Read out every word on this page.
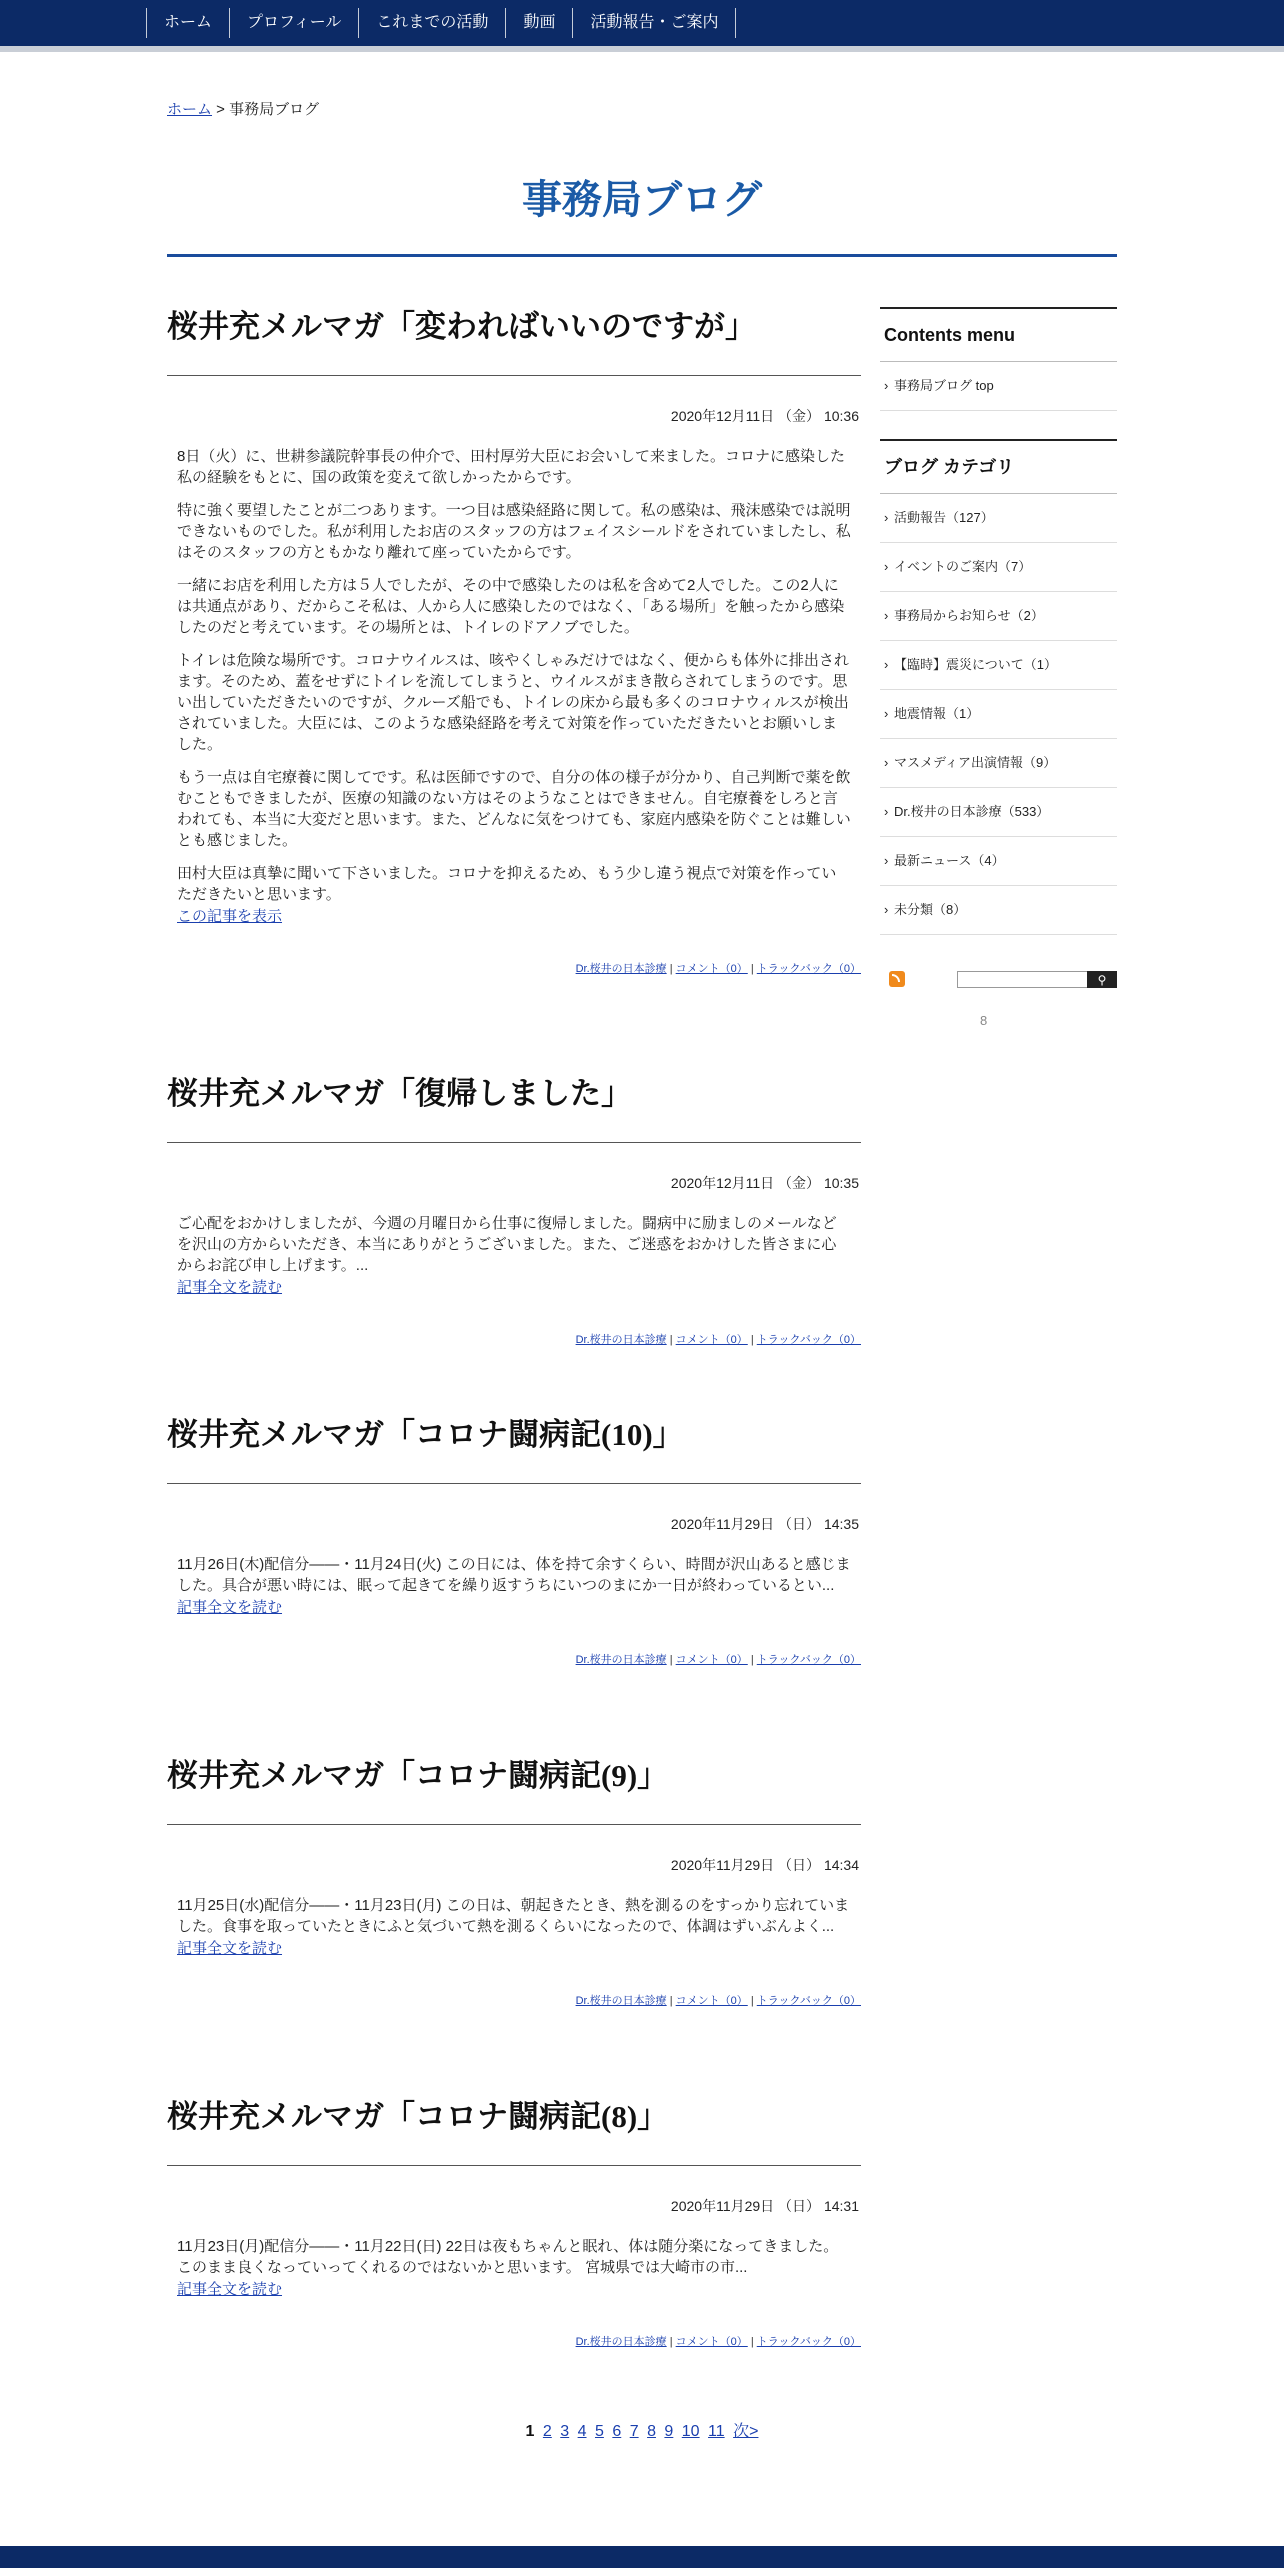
ホーム	プロフィール	これまでの活動	動画	活動報告・ご案内
ホーム > 事務局ブログ
事務局ブログ
桜井充メルマガ「変わればいいのですが」
2020年12月11日 （金） 10:36

8日（火）に、世耕参議院幹事長の仲介で、田村厚労大臣にお会いして来ました。コロナに感染した私の経験をもとに、国の政策を変えて欲しかったからです。

特に強く要望したことが二つあります。一つ目は感染経路に関して。私の感染は、飛沫感染では説明できないものでした。私が利用したお店のスタッフの方はフェイスシールドをされていましたし、私はそのスタッフの方ともかなり離れて座っていたからです。

一緒にお店を利用した方は５人でしたが、その中で感染したのは私を含めて2人でした。この2人には共通点があり、だからこそ私は、人から人に感染したのではなく、「ある場所」を触ったから感染したのだと考えています。その場所とは、トイレのドアノブでした。

トイレは危険な場所です。コロナウイルスは、咳やくしゃみだけではなく、便からも体外に排出されます。そのため、蓋をせずにトイレを流してしまうと、ウイルスがまき散らされてしまうのです。思い出していただきたいのですが、クルーズ船でも、トイレの床から最も多くのコロナウィルスが検出されていました。大臣には、このような感染経路を考えて対策を作っていただきたいとお願いしました。

もう一点は自宅療養に関してです。私は医師ですので、自分の体の様子が分かり、自己判断で薬を飲むこともできましたが、医療の知識のない方はそのようなことはできません。自宅療養をしろと言われても、本当に大変だと思います。また、どんなに気をつけても、家庭内感染を防ぐことは難しいとも感じました。

田村大臣は真摯に聞いて下さいました。コロナを抑えるため、もう少し違う視点で対策を作っていただきたいと思います。

この記事を表示
Dr.桜井の日本診療 | コメント（0） | トラックバック（0）
桜井充メルマガ「復帰しました」
2020年12月11日 （金） 10:35

ご心配をおかけしましたが、今週の月曜日から仕事に復帰しました。闘病中に励ましのメールなどを沢山の方からいただき、本当にありがとうございました。また、ご迷惑をおかけした皆さまに心からお詫び申し上げます。...

記事全文を読む
Dr.桜井の日本診療 | コメント（0） | トラックバック（0）
桜井充メルマガ「コロナ闘病記(10)」
2020年11月29日 （日） 14:35

11月26日(木)配信分――・11月24日(火) この日には、体を持て余すくらい、時間が沢山あると感じました。具合が悪い時には、眠って起きてを繰り返すうちにいつのまにか一日が終わっているとい...

記事全文を読む
Dr.桜井の日本診療 | コメント（0） | トラックバック（0）
桜井充メルマガ「コロナ闘病記(9)」
2020年11月29日 （日） 14:34

11月25日(水)配信分――・11月23日(月) この日は、朝起きたとき、熱を測るのをすっかり忘れていました。食事を取っていたときにふと気づいて熱を測るくらいになったので、体調はずいぶんよく...

記事全文を読む
Dr.桜井の日本診療 | コメント（0） | トラックバック（0）
桜井充メルマガ「コロナ闘病記(8)」
2020年11月29日 （日） 14:31

11月23日(月)配信分――・11月22日(日) 22日は夜もちゃんと眠れ、体は随分楽になってきました。このまま良くなっていってくれるのではないかと思います。 宮城県では大崎市の市...

記事全文を読む
Dr.桜井の日本診療 | コメント（0） | トラックバック（0）
Contents menu
› 事務局ブログ top
ブログ カテゴリ
› 活動報告（127）
› イベントのご案内（7）
› 事務局からお知らせ（2）
› 【臨時】震災について（1）
› 地震情報（1）
› マスメディア出演情報（9）
› Dr.桜井の日本診療（533）
› 最新ニュース（4）
› 未分類（8）
⚲
8
1 2 3 4 5 6 7 8 9 10 11 次>
